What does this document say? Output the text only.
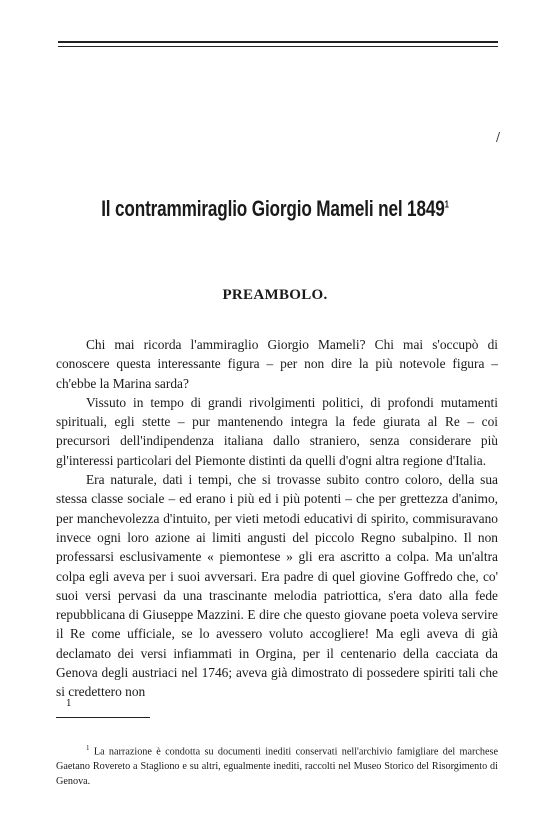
/
Il contrammiraglio Giorgio Mameli nel 1849$^1$
PREAMBOLO.

Chi mai ricorda l'ammiraglio Giorgio Mameli? Chi mai s'occupò di conoscere questa interessante figura – per non dire la più notevole figura – ch'ebbe la Marina sarda?

Vissuto in tempo di grandi rivolgimenti politici, di profondi mutamenti spirituali, egli stette – pur mantenendo integra la fede giurata al Re – coi precursori dell'indipendenza italiana dallo straniero, senza considerare più gl'interessi particolari del Piemonte distinti da quelli d'ogni altra regione d'Italia.

Era naturale, dati i tempi, che si trovasse subito contro coloro, della sua stessa classe sociale – ed erano i più ed i più potenti – che per grettezza d'animo, per manchevolezza d'intuito, per vieti metodi educativi di spirito, commisuravano invece ogni loro azione ai limiti angusti del piccolo Regno subalpino. Il non professarsi esclusivamente « piemontese » gli era ascritto a colpa. Ma un'altra colpa egli aveva per i suoi avversari. Era padre di quel giovine Goffredo che, co' suoi versi pervasi da una trascinante melodia patriottica, s'era dato alla fede repubblicana di Giuseppe Mazzini. E dire che questo giovane poeta voleva servire il Re come ufficiale, se lo avessero voluto accogliere! Ma egli aveva di già declamato dei versi infiammati in Orgina, per il centenario della cacciata da Genova degli austriaci nel 1746; aveva già dimostrato di possedere spiriti tali che si credettero non

1
$^1$ La narrazione è condotta su documenti inediti conservati nell'archivio famigliare del marchese Gaetano Rovereto a Stagliono e su altri, egualmente inediti, raccolti nel Museo Storico del Risorgimento di Genova.
